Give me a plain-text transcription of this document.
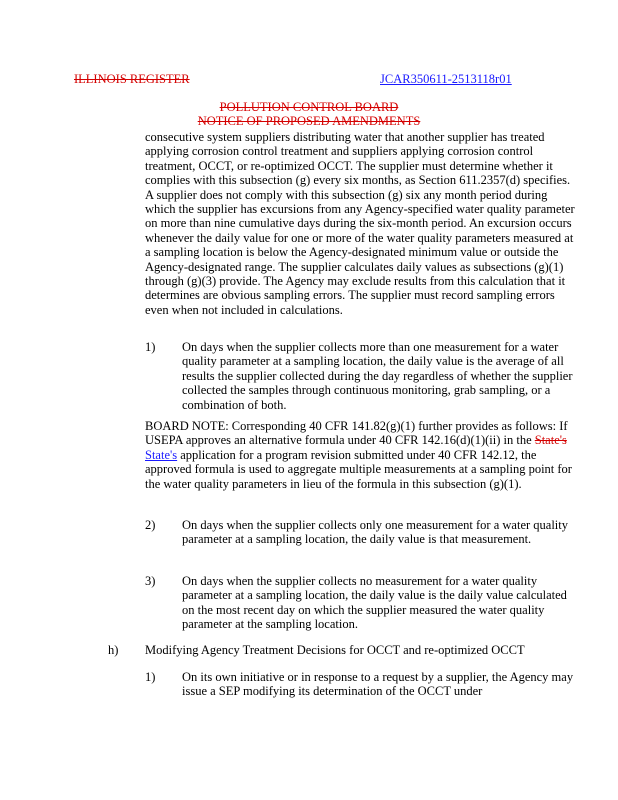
ILLINOIS REGISTER	JCAR350611-2513118r01
POLLUTION CONTROL BOARD
NOTICE OF PROPOSED AMENDMENTS

consecutive system suppliers distributing water that another supplier has treated applying corrosion control treatment and suppliers applying corrosion control treatment, OCCT, or re-optimized OCCT. The supplier must determine whether it complies with this subsection (g) every six months, as Section 611.2357(d) specifies. A supplier does not comply with this subsection (g) six any month period during which the supplier has excursions from any Agency-specified water quality parameter on more than nine cumulative days during the six-month period. An excursion occurs whenever the daily value for one or more of the water quality parameters measured at a sampling location is below the Agency-designated minimum value or outside the Agency-designated range. The supplier calculates daily values as subsections (g)(1) through (g)(3) provide. The Agency may exclude results from this calculation that it determines are obvious sampling errors. The supplier must record sampling errors even when not included in calculations.

1) On days when the supplier collects more than one measurement for a water quality parameter at a sampling location, the daily value is the average of all results the supplier collected during the day regardless of whether the supplier collected the samples through continuous monitoring, grab sampling, or a combination of both.

BOARD NOTE: Corresponding 40 CFR 141.82(g)(1) further provides as follows: If USEPA approves an alternative formula under 40 CFR 142.16(d)(1)(ii) in the State's State's application for a program revision submitted under 40 CFR 142.12, the approved formula is used to aggregate multiple measurements at a sampling point for the water quality parameters in lieu of the formula in this subsection (g)(1).

2) On days when the supplier collects only one measurement for a water quality parameter at a sampling location, the daily value is that measurement.

3) On days when the supplier collects no measurement for a water quality parameter at a sampling location, the daily value is the daily value calculated on the most recent day on which the supplier measured the water quality parameter at the sampling location.

h) Modifying Agency Treatment Decisions for OCCT and re-optimized OCCT

1) On its own initiative or in response to a request by a supplier, the Agency may issue a SEP modifying its determination of the OCCT under
